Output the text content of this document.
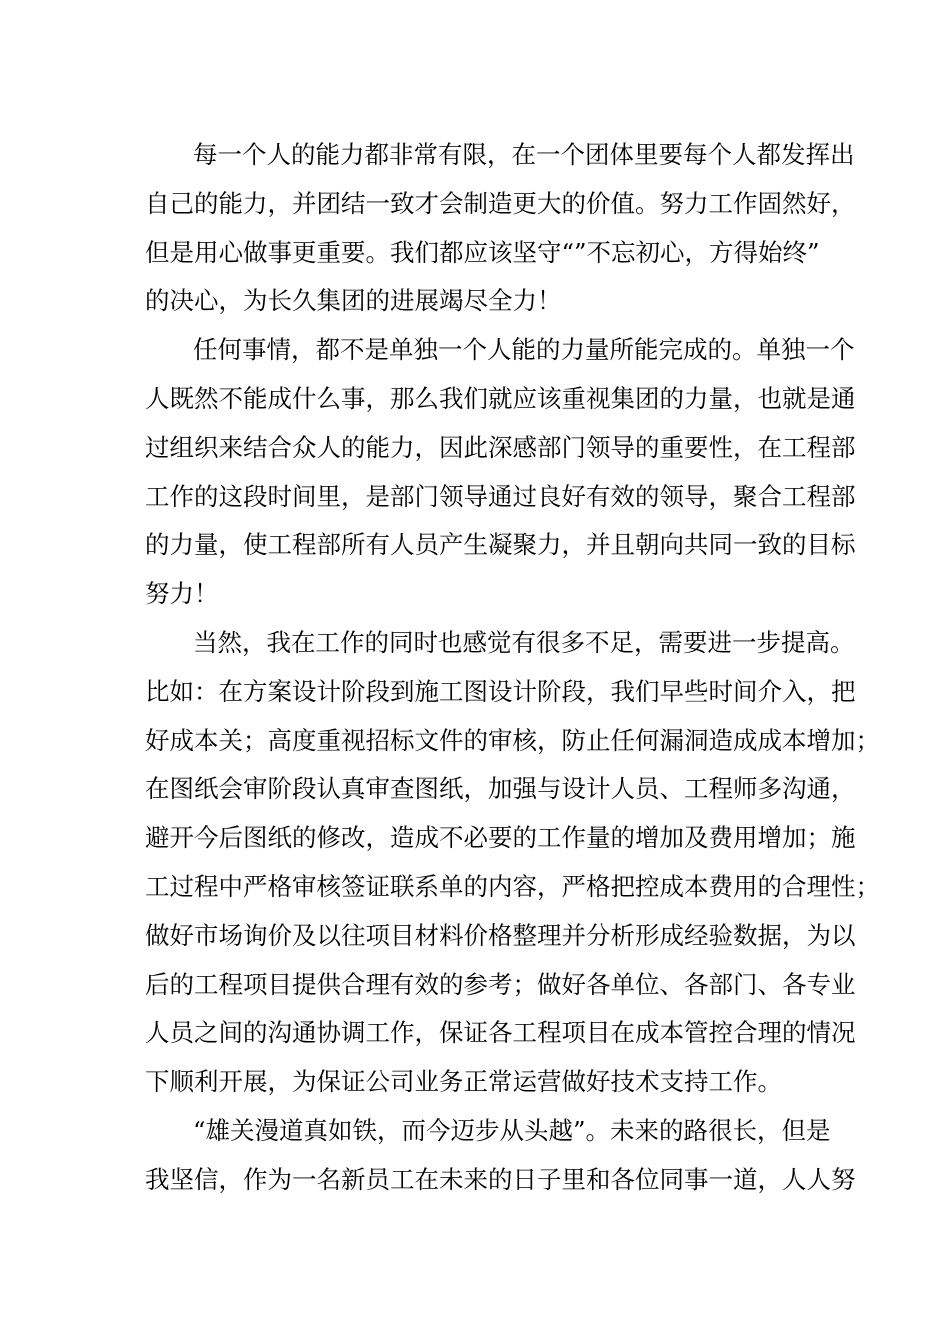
每一个人的能力都非常有限，在一个团体里要每个人都发挥出
自己的能力，并团结一致才会制造更大的价值。努力工作固然好，
但是用心做事更重要。我们都应该坚守“”不忘初心，方得始终”
的决心，为长久集团的进展竭尽全力！

任何事情，都不是单独一个人能的力量所能完成的。单独一个
人既然不能成什么事，那么我们就应该重视集团的力量，也就是通
过组织来结合众人的能力，因此深感部门领导的重要性，在工程部
工作的这段时间里，是部门领导通过良好有效的领导，聚合工程部
的力量，使工程部所有人员产生凝聚力，并且朝向共同一致的目标
努力！

当然，我在工作的同时也感觉有很多不足，需要进一步提高。
比如：在方案设计阶段到施工图设计阶段，我们早些时间介入，把
好成本关；高度重视招标文件的审核，防止任何漏洞造成成本增加；
在图纸会审阶段认真审查图纸，加强与设计人员、工程师多沟通，
避开今后图纸的修改，造成不必要的工作量的增加及费用增加；施
工过程中严格审核签证联系单的内容，严格把控成本费用的合理性；
做好市场询价及以往项目材料价格整理并分析形成经验数据，为以
后的工程项目提供合理有效的参考；做好各单位、各部门、各专业
人员之间的沟通协调工作，保证各工程项目在成本管控合理的情况
下顺利开展，为保证公司业务正常运营做好技术支持工作。

“雄关漫道真如铁，而今迈步从头越”。未来的路很长，但是
我坚信，作为一名新员工在未来的日子里和各位同事一道，人人努
